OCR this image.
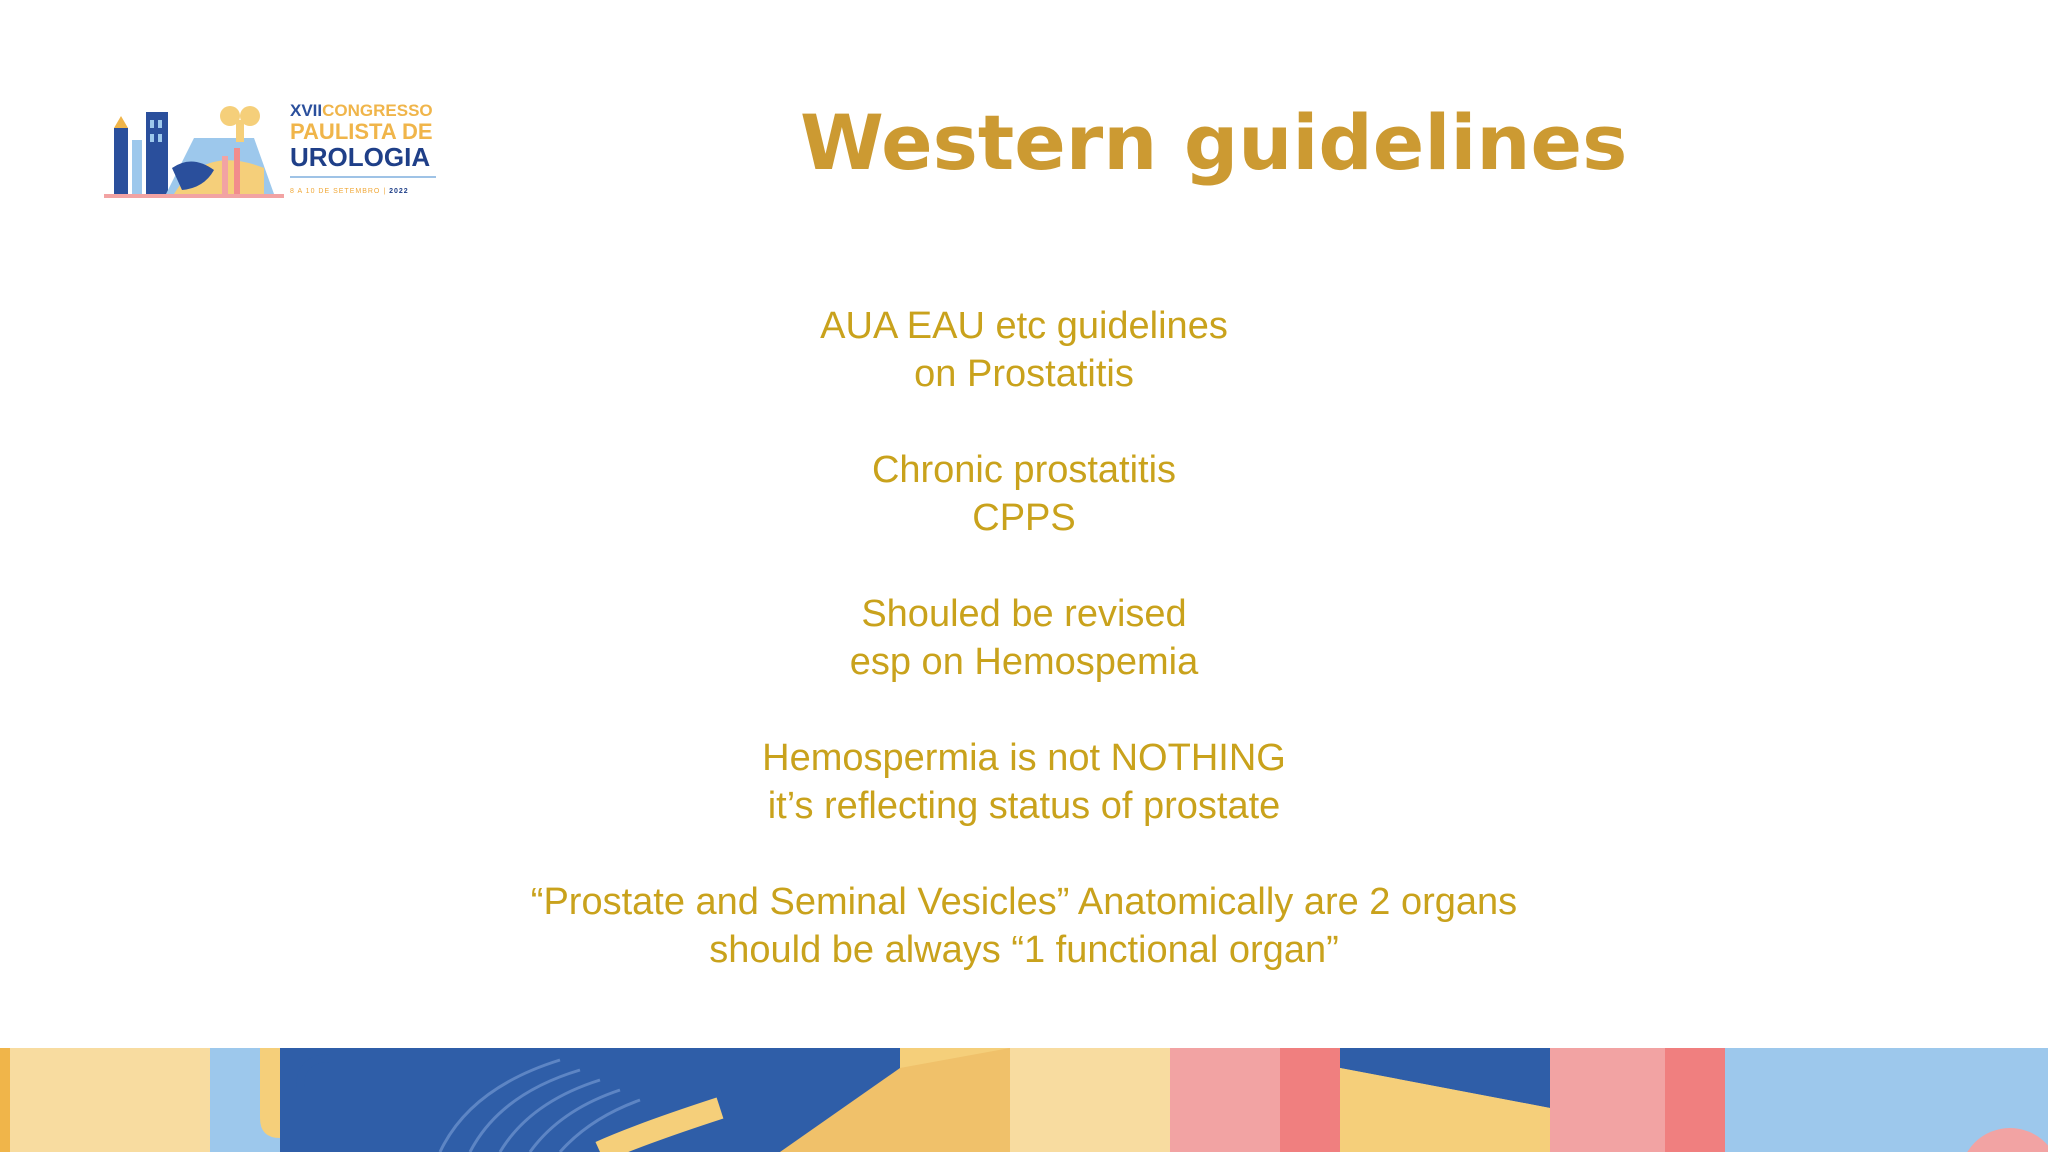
XVIICONGRESSO
PAULISTA DE
UROLOGIA
8 A 10 DE SETEMBRO | 2022
Western guidelines
AUA EAU etc guidelines
on Prostatitis
Chronic prostatitis
CPPS
Shouled be revised
esp on Hemospemia
Hemospermia is not NOTHING
it’s reflecting status of prostate
“Prostate and Seminal Vesicles” Anatomically are 2 organs
should be always “1 functional organ”
